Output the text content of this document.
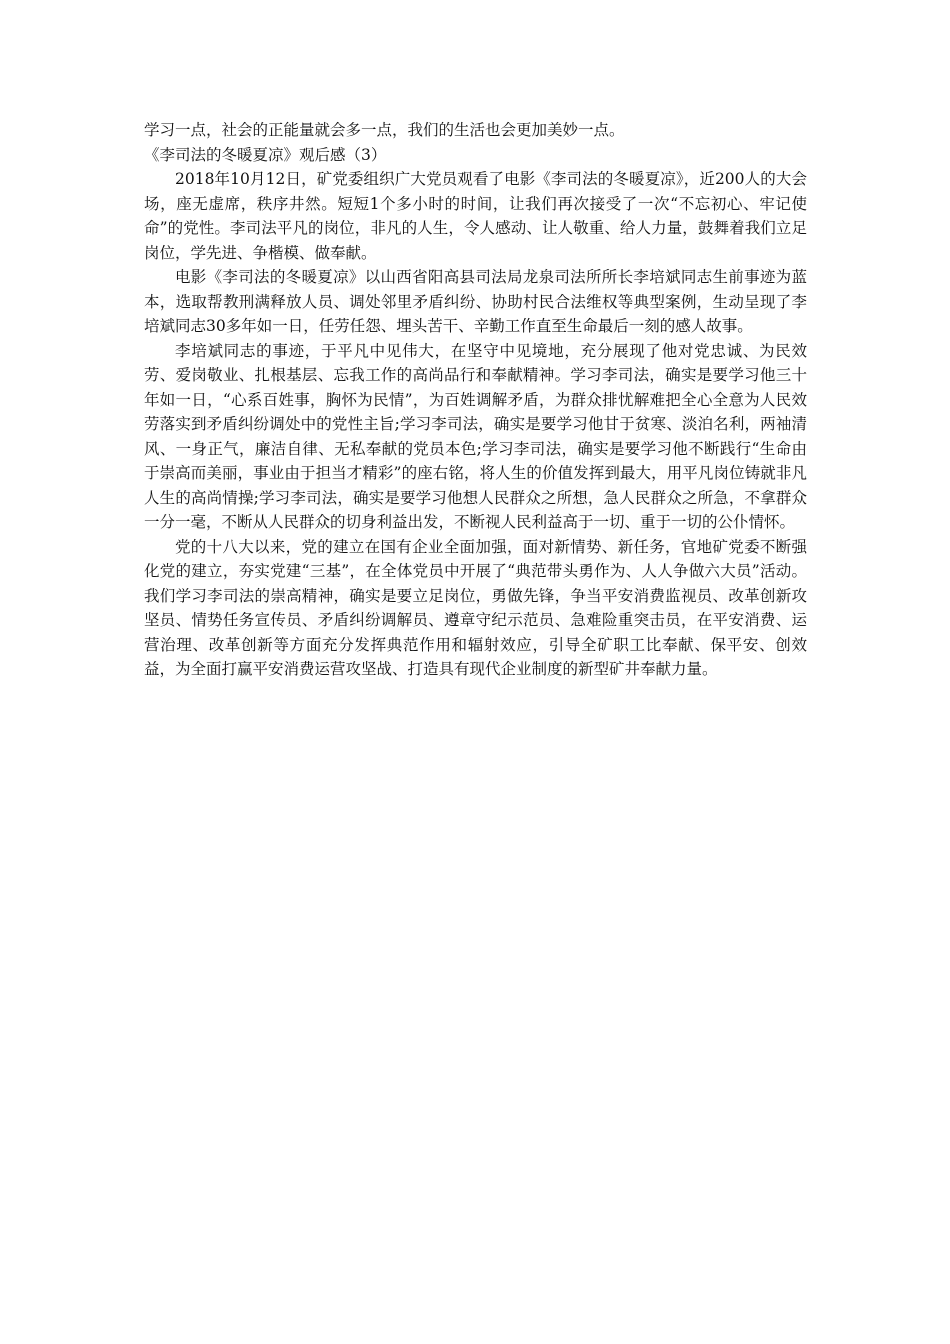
学习一点，社会的正能量就会多一点，我们的生活也会更加美妙一点。

《李司法的冬暖夏凉》观后感（3）

2018年10月12日，矿党委组织广大党员观看了电影《李司法的冬暖夏凉》，近200人的大会场，座无虚席，秩序井然。短短1个多小时的时间，让我们再次接受了一次“不忘初心、牢记使命”的党性。李司法平凡的岗位，非凡的人生，令人感动、让人敬重、给人力量，鼓舞着我们立足岗位，学先进、争楷模、做奉献。

电影《李司法的冬暖夏凉》以山西省阳高县司法局龙泉司法所所长李培斌同志生前事迹为蓝本，选取帮教刑满释放人员、调处邻里矛盾纠纷、协助村民合法维权等典型案例，生动呈现了李培斌同志30多年如一日，任劳任怨、埋头苦干、辛勤工作直至生命最后一刻的感人故事。

李培斌同志的事迹，于平凡中见伟大，在坚守中见境地，充分展现了他对党忠诚、为民效劳、爱岗敬业、扎根基层、忘我工作的高尚品行和奉献精神。学习李司法，确实是要学习他三十年如一日，“心系百姓事，胸怀为民情”，为百姓调解矛盾，为群众排忧解难把全心全意为人民效劳落实到矛盾纠纷调处中的党性主旨;学习李司法，确实是要学习他甘于贫寒、淡泊名利，两袖清风、一身正气，廉洁自律、无私奉献的党员本色;学习李司法，确实是要学习他不断践行“生命由于崇高而美丽，事业由于担当才精彩”的座右铭，将人生的价值发挥到最大，用平凡岗位铸就非凡人生的高尚情操;学习李司法，确实是要学习他想人民群众之所想，急人民群众之所急，不拿群众一分一毫，不断从人民群众的切身利益出发，不断视人民利益高于一切、重于一切的公仆情怀。

党的十八大以来，党的建立在国有企业全面加强，面对新情势、新任务，官地矿党委不断强化党的建立，夯实党建“三基”，在全体党员中开展了“典范带头勇作为、人人争做六大员”活动。我们学习李司法的崇高精神，确实是要立足岗位，勇做先锋，争当平安消费监视员、改革创新攻坚员、情势任务宣传员、矛盾纠纷调解员、遵章守纪示范员、急难险重突击员，在平安消费、运营治理、改革创新等方面充分发挥典范作用和辐射效应，引导全矿职工比奉献、保平安、创效益，为全面打赢平安消费运营攻坚战、打造具有现代企业制度的新型矿井奉献力量。
